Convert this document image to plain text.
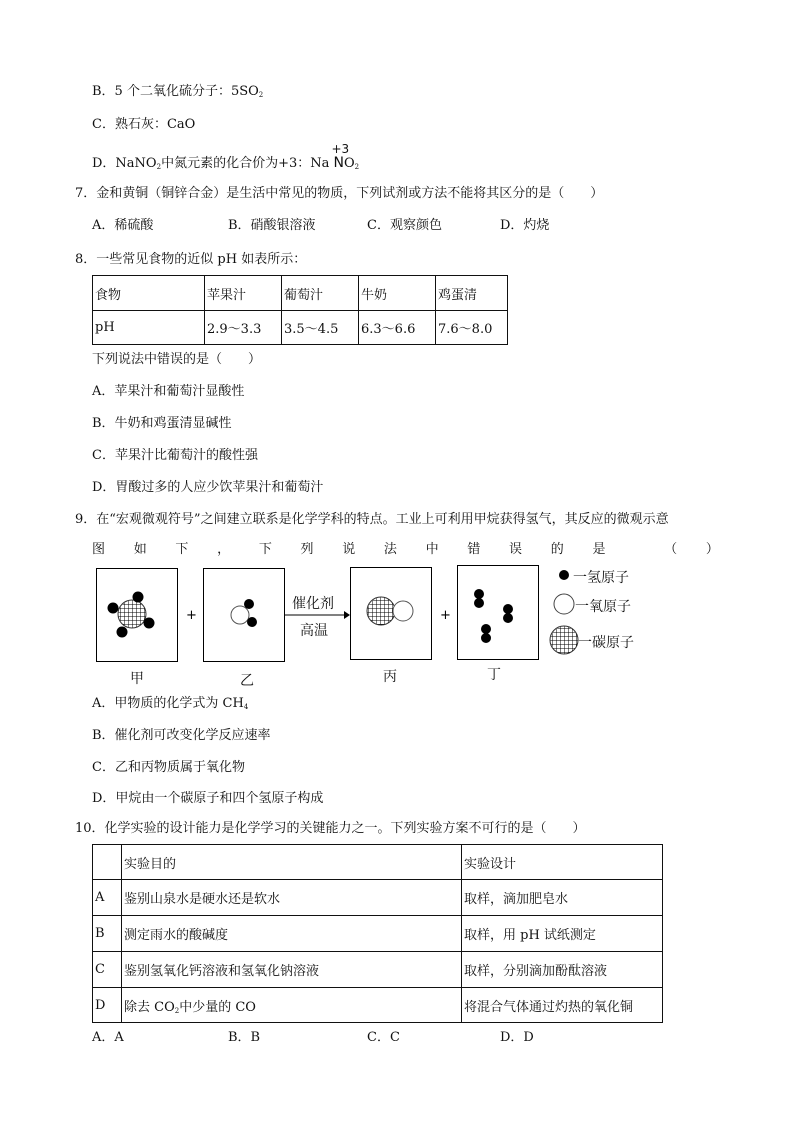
B．5 个二氧化硫分子：$5SO_2$
C．熟石灰：CaO
D．NaNO$_2$中氮元素的化合价为+3：Na
+3
$NO_2$
7．金和黄铜（铜锌合金）是生活中常见的物质，下列试剂或方法不能将其区分的是（　　）
A．稀硫酸	B．硝酸银溶液	C．观察颜色	D．灼烧
8．一些常见食物的近似 pH 如表所示：
食物	苹果汁	葡萄汁	牛奶	鸡蛋清
pH	2.9～3.3	3.5～4.5	6.3～6.6	7.6～8.0
下列说法中错误的是（　　）
A．苹果汁和葡萄汁显酸性
B．牛奶和鸡蛋清显碱性
C．苹果汁比葡萄汁的酸性强
D．胃酸过多的人应少饮苹果汁和葡萄汁
9．在“宏观微观符号”之间建立联系是化学学科的特点。工业上可利用甲烷获得氢气，其反应的微观示意
图 如 下 ， 下 列 说 法 中 错 误 的 是	（ ）
+	+
催化剂
高温
甲	乙	丙	丁
一氢原子
一氧原子
一碳原子
A．甲物质的化学式为 $CH_4$
B．催化剂可改变化学反应速率
C．乙和丙物质属于氧化物
D．甲烷由一个碳原子和四个氢原子构成
10．化学实验的设计能力是化学学习的关键能力之一。下列实验方案不可行的是（　　）
	实验目的	实验设计
A	鉴别山泉水是硬水还是软水	取样，滴加肥皂水
B	测定雨水的酸碱度	取样，用 pH 试纸测定
C	鉴别氢氧化钙溶液和氢氧化钠溶液	取样，分别滴加酚酞溶液
D	除去 $CO_2$中少量的 CO	将混合气体通过灼热的氧化铜
A．A	B．B	C．C	D．D
